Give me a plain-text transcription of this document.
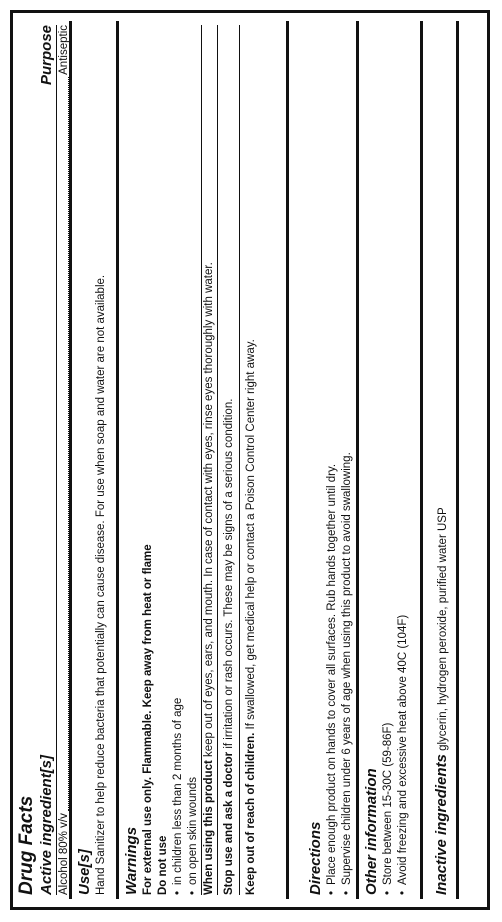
Drug Facts Active ingredient[s]
Purpose
Alcohol 80% v/v
Antiseptic
Use[s] Hand Sanitizer to help reduce bacteria that potentially can cause disease. For use when soap and water are not available. Warnings For external use only. Flammable. Keep away from heat or flame Do not use • in children less than 2 months of age • on open skin wounds When using this product keep out of eyes, ears, and mouth. In case of contact with eyes, rinse eyes thoroughly with water.
Stop use and ask a doctor if irritation or rash occurs. These may be signs of a serious condition.
Keep out of reach of children. If swallowed, get medical help or contact a Poison Control Center right away.
Directions • Place enough product on hands to cover all surfaces. Rub hands together until dry. • Supervise children under 6 years of age when using this product to avoid swallowing. Other information • Store between 15-30C (59-86F) • Avoid freezing and excessive heat above 40C (104F) Inactive ingredients glycerin, hydrogen peroxide, purified water USP
